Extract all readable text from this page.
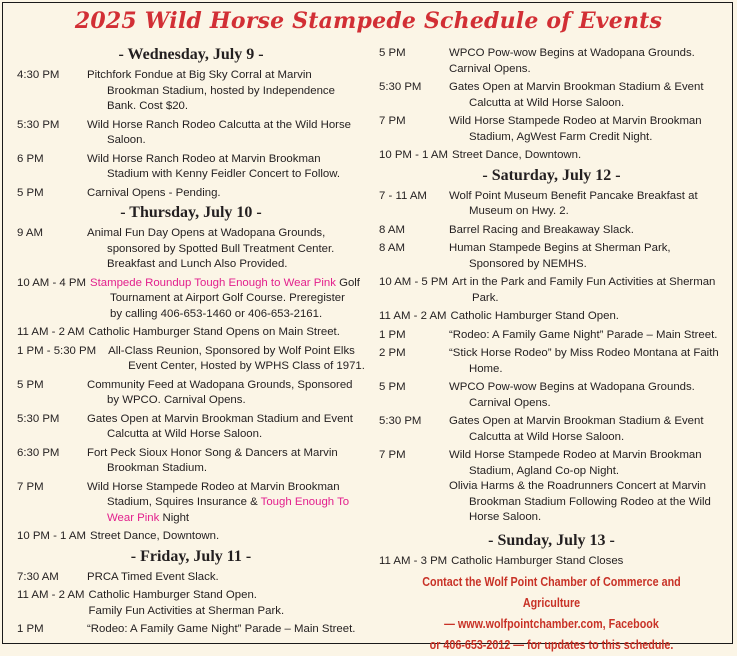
2025 Wild Horse Stampede Schedule of Events
- Wednesday, July 9 -
4:30 PM	Pitchfork Fondue at Big Sky Corral at Marvin
Brookman Stadium, hosted by Independence
Bank. Cost $20.
5:30 PM	Wild Horse Ranch Rodeo Calcutta at the Wild Horse
Saloon.
6 PM	Wild Horse Ranch Rodeo at Marvin Brookman
Stadium with Kenny Feidler Concert to Follow.
5 PM	Carnival Opens - Pending.
- Thursday, July 10 -
9 AM	Animal Fun Day Opens at Wadopana Grounds,
sponsored by Spotted Bull Treatment Center.
Breakfast and Lunch Also Provided.
10 AM - 4 PM Stampede Roundup Tough Enough to Wear Pink Golf
Tournament at Airport Golf Course. Preregister
by calling 406-653-1460 or 406-653-2161.
11 AM - 2 AM Catholic Hamburger Stand Opens on Main Street.
1 PM - 5:30 PM	All-Class Reunion, Sponsored by Wolf Point Elks
Event Center, Hosted by WPHS Class of 1971.
5 PM	Community Feed at Wadopana Grounds, Sponsored
by WPCO. Carnival Opens.
5:30 PM	Gates Open at Marvin Brookman Stadium and Event
Calcutta at Wild Horse Saloon.
6:30 PM	Fort Peck Sioux Honor Song & Dancers at Marvin
Brookman Stadium.
7 PM	Wild Horse Stampede Rodeo at Marvin Brookman
Stadium, Squires Insurance & Tough Enough To
Wear Pink Night
10 PM - 1 AM Street Dance, Downtown.
- Friday, July 11 -
7:30 AM	PRCA Timed Event Slack.
11 AM - 2 AM Catholic Hamburger Stand Open.
Family Fun Activities at Sherman Park.
1 PM	“Rodeo: A Family Game Night” Parade – Main Street.
5 PM	WPCO Pow-wow Begins at Wadopana Grounds.
Carnival Opens.
5:30 PM	Gates Open at Marvin Brookman Stadium & Event
Calcutta at Wild Horse Saloon.
7 PM	Wild Horse Stampede Rodeo at Marvin Brookman
Stadium, AgWest Farm Credit Night.
10 PM - 1 AM Street Dance, Downtown.
- Saturday, July 12 -
7 - 11 AM	Wolf Point Museum Benefit Pancake Breakfast at
Museum on Hwy. 2.
8 AM	Barrel Racing and Breakaway Slack.
8 AM	Human Stampede Begins at Sherman Park,
Sponsored by NEMHS.
10 AM - 5 PM Art in the Park and Family Fun Activities at Sherman
Park.
11 AM - 2 AM Catholic Hamburger Stand Open.
1 PM	“Rodeo: A Family Game Night” Parade – Main Street.
2 PM	“Stick Horse Rodeo” by Miss Rodeo Montana at Faith
Home.
5 PM	WPCO Pow-wow Begins at Wadopana Grounds.
Carnival Opens.
5:30 PM	Gates Open at Marvin Brookman Stadium & Event
Calcutta at Wild Horse Saloon.
7 PM	Wild Horse Stampede Rodeo at Marvin Brookman
Stadium, Agland Co-op Night.
Olivia Harms & the Roadrunners Concert at Marvin
Brookman Stadium Following Rodeo at the Wild
Horse Saloon.
- Sunday, July 13 -
11 AM - 3 PM Catholic Hamburger Stand Closes
Contact the Wolf Point Chamber of Commerce and Agriculture
— www.wolfpointchamber.com, Facebook
or 406-653-2012 — for updates to this schedule.
